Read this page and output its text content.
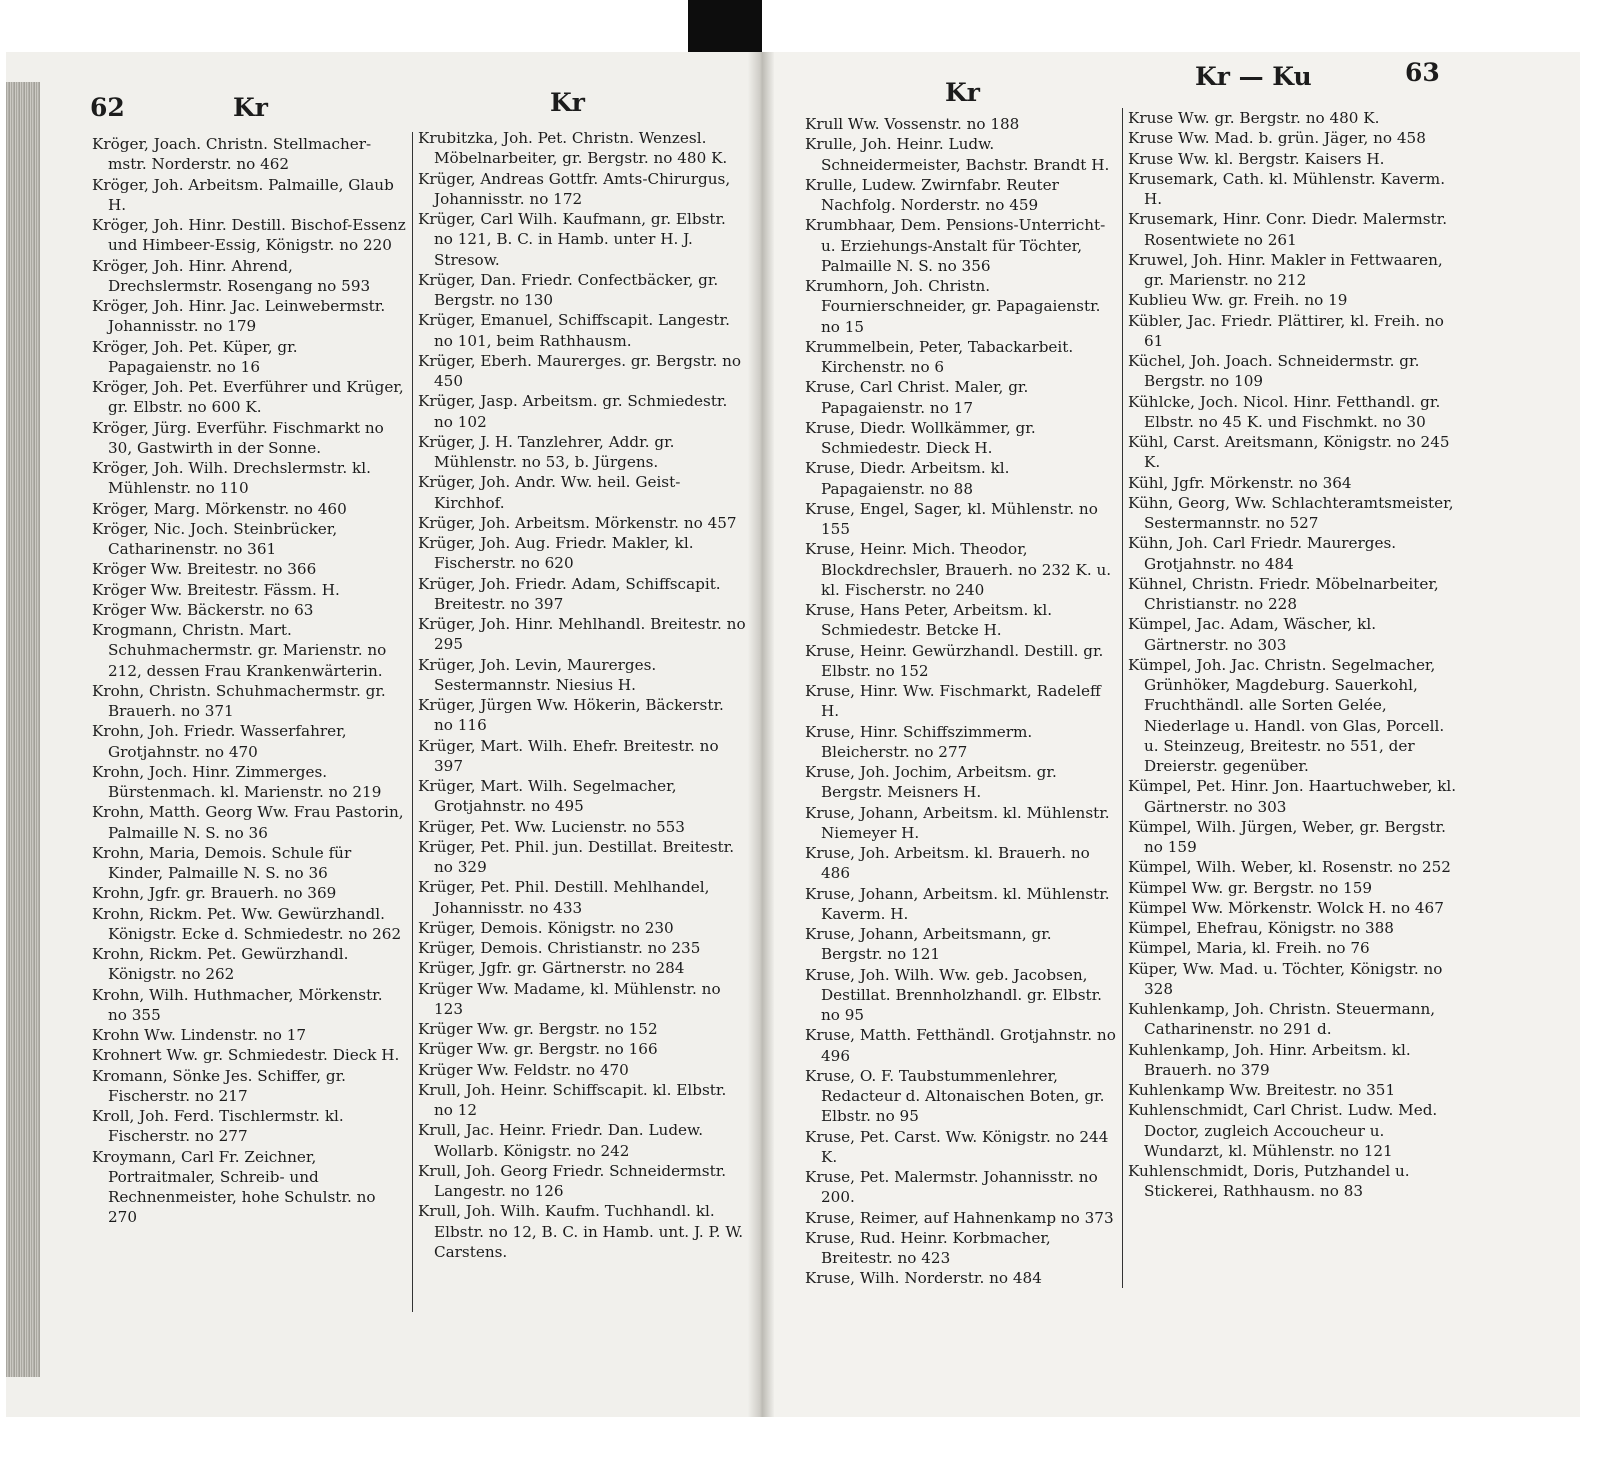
62	Kr	Kr	Kr
Kr — Ku	63
Kröger, Joach. Christn. Stellmacher-mstr. Norderstr. no 462
Kröger, Joh. Arbeitsm. Palmaille, Glaub H.
Kröger, Joh. Hinr. Destill. Bischof-Essenz und Himbeer-Essig, Königstr. no 220
Kröger, Joh. Hinr. Ahrend, Drechslermstr. Rosengang no 593
Kröger, Joh. Hinr. Jac. Leinwebermstr. Johannisstr. no 179
Kröger, Joh. Pet. Küper, gr. Papagaienstr. no 16
Kröger, Joh. Pet. Everführer und Krüger, gr. Elbstr. no 600 K.
Kröger, Jürg. Everführ. Fischmarkt no 30, Gastwirth in der Sonne.
Kröger, Joh. Wilh. Drechslermstr. kl. Mühlenstr. no 110
Kröger, Marg. Mörkenstr. no 460
Kröger, Nic. Joch. Steinbrücker, Catharinenstr. no 361
Kröger Ww. Breitestr. no 366
Kröger Ww. Breitestr. Fässm. H.
Kröger Ww. Bäckerstr. no 63
Krogmann, Christn. Mart. Schuhmachermstr. gr. Marienstr. no 212, dessen Frau Krankenwärterin.
Krohn, Christn. Schuhmachermstr. gr. Brauerh. no 371
Krohn, Joh. Friedr. Wasserfahrer, Grotjahnstr. no 470
Krohn, Joch. Hinr. Zimmerges. Bürstenmach. kl. Marienstr. no 219
Krohn, Matth. Georg Ww. Frau Pastorin, Palmaille N. S. no 36
Krohn, Maria, Demois. Schule für Kinder, Palmaille N. S. no 36
Krohn, Jgfr. gr. Brauerh. no 369
Krohn, Rickm. Pet. Ww. Gewürzhandl. Königstr. Ecke d. Schmiedestr. no 262
Krohn, Rickm. Pet. Gewürzhandl. Königstr. no 262
Krohn, Wilh. Huthmacher, Mörkenstr. no 355
Krohn Ww. Lindenstr. no 17
Krohnert Ww. gr. Schmiedestr. Dieck H.
Kromann, Sönke Jes. Schiffer, gr. Fischerstr. no 217
Kroll, Joh. Ferd. Tischlermstr. kl. Fischerstr. no 277
Kroymann, Carl Fr. Zeichner, Portraitmaler, Schreib- und Rechnenmeister, hohe Schulstr. no 270
Krubitzka, Joh. Pet. Christn. Wenzesl. Möbelnarbeiter, gr. Bergstr. no 480 K.
Krüger, Andreas Gottfr. Amts-Chirurgus, Johannisstr. no 172
Krüger, Carl Wilh. Kaufmann, gr. Elbstr. no 121, B. C. in Hamb. unter H. J. Stresow.
Krüger, Dan. Friedr. Confectbäcker, gr. Bergstr. no 130
Krüger, Emanuel, Schiffscapit. Langestr. no 101, beim Rathhausm.
Krüger, Eberh. Maurerges. gr. Bergstr. no 450
Krüger, Jasp. Arbeitsm. gr. Schmiedestr. no 102
Krüger, J. H. Tanzlehrer, Addr. gr. Mühlenstr. no 53, b. Jürgens.
Krüger, Joh. Andr. Ww. heil. Geist-Kirchhof.
Krüger, Joh. Arbeitsm. Mörkenstr. no 457
Krüger, Joh. Aug. Friedr. Makler, kl. Fischerstr. no 620
Krüger, Joh. Friedr. Adam, Schiffscapit. Breitestr. no 397
Krüger, Joh. Hinr. Mehlhandl. Breitestr. no 295
Krüger, Joh. Levin, Maurerges. Sestermannstr. Niesius H.
Krüger, Jürgen Ww. Hökerin, Bäckerstr. no 116
Krüger, Mart. Wilh. Ehefr. Breitestr. no 397
Krüger, Mart. Wilh. Segelmacher, Grotjahnstr. no 495
Krüger, Pet. Ww. Lucienstr. no 553
Krüger, Pet. Phil. jun. Destillat. Breitestr. no 329
Krüger, Pet. Phil. Destill. Mehlhandel, Johannisstr. no 433
Krüger, Demois. Königstr. no 230
Krüger, Demois. Christianstr. no 235
Krüger, Jgfr. gr. Gärtnerstr. no 284
Krüger Ww. Madame, kl. Mühlenstr. no 123
Krüger Ww. gr. Bergstr. no 152
Krüger Ww. gr. Bergstr. no 166
Krüger Ww. Feldstr. no 470
Krull, Joh. Heinr. Schiffscapit. kl. Elbstr. no 12
Krull, Jac. Heinr. Friedr. Dan. Ludew. Wollarb. Königstr. no 242
Krull, Joh. Georg Friedr. Schneidermstr. Langestr. no 126
Krull, Joh. Wilh. Kaufm. Tuchhandl. kl. Elbstr. no 12, B. C. in Hamb. unt. J. P. W. Carstens.
Krull Ww. Vossenstr. no 188
Krulle, Joh. Heinr. Ludw. Schneidermeister, Bachstr. Brandt H.
Krulle, Ludew. Zwirnfabr. Reuter Nachfolg. Norderstr. no 459
Krumbhaar, Dem. Pensions-Unterricht- u. Erziehungs-Anstalt für Töchter, Palmaille N. S. no 356
Krumhorn, Joh. Christn. Fournierschneider, gr. Papagaienstr. no 15
Krummelbein, Peter, Tabackarbeit. Kirchenstr. no 6
Kruse, Carl Christ. Maler, gr. Papagaienstr. no 17
Kruse, Diedr. Wollkämmer, gr. Schmiedestr. Dieck H.
Kruse, Diedr. Arbeitsm. kl. Papagaienstr. no 88
Kruse, Engel, Sager, kl. Mühlenstr. no 155
Kruse, Heinr. Mich. Theodor, Blockdrechsler, Brauerh. no 232 K. u. kl. Fischerstr. no 240
Kruse, Hans Peter, Arbeitsm. kl. Schmiedestr. Betcke H.
Kruse, Heinr. Gewürzhandl. Destill. gr. Elbstr. no 152
Kruse, Hinr. Ww. Fischmarkt, Radeleff H.
Kruse, Hinr. Schiffszimmerm. Bleicherstr. no 277
Kruse, Joh. Jochim, Arbeitsm. gr. Bergstr. Meisners H.
Kruse, Johann, Arbeitsm. kl. Mühlenstr. Niemeyer H.
Kruse, Joh. Arbeitsm. kl. Brauerh. no 486
Kruse, Johann, Arbeitsm. kl. Mühlenstr. Kaverm. H.
Kruse, Johann, Arbeitsmann, gr. Bergstr. no 121
Kruse, Joh. Wilh. Ww. geb. Jacobsen, Destillat. Brennholzhandl. gr. Elbstr. no 95
Kruse, Matth. Fetthändl. Grotjahnstr. no 496
Kruse, O. F. Taubstummenlehrer, Redacteur d. Altonaischen Boten, gr. Elbstr. no 95
Kruse, Pet. Carst. Ww. Königstr. no 244 K.
Kruse, Pet. Malermstr. Johannisstr. no 200.
Kruse, Reimer, auf Hahnenkamp no 373
Kruse, Rud. Heinr. Korbmacher, Breitestr. no 423
Kruse, Wilh. Norderstr. no 484
Kruse Ww. gr. Bergstr. no 480 K.
Kruse Ww. Mad. b. grün. Jäger, no 458
Kruse Ww. kl. Bergstr. Kaisers H.
Krusemark, Cath. kl. Mühlenstr. Kaverm. H.
Krusemark, Hinr. Conr. Diedr. Malermstr. Rosentwiete no 261
Kruwel, Joh. Hinr. Makler in Fettwaaren, gr. Marienstr. no 212
Kublieu Ww. gr. Freih. no 19
Kübler, Jac. Friedr. Plättirer, kl. Freih. no 61
Küchel, Joh. Joach. Schneidermstr. gr. Bergstr. no 109
Kühlcke, Joch. Nicol. Hinr. Fetthandl. gr. Elbstr. no 45 K. und Fischmkt. no 30
Kühl, Carst. Areitsmann, Königstr. no 245 K.
Kühl, Jgfr. Mörkenstr. no 364
Kühn, Georg, Ww. Schlachteramtsmeister, Sestermannstr. no 527
Kühn, Joh. Carl Friedr. Maurerges. Grotjahnstr. no 484
Kühnel, Christn. Friedr. Möbelnarbeiter, Christianstr. no 228
Kümpel, Jac. Adam, Wäscher, kl. Gärtnerstr. no 303
Kümpel, Joh. Jac. Christn. Segelmacher, Grünhöker, Magdeburg. Sauerkohl, Fruchthändl. alle Sorten Gelée, Niederlage u. Handl. von Glas, Porcell. u. Steinzeug, Breitestr. no 551, der Dreierstr. gegenüber.
Kümpel, Pet. Hinr. Jon. Haartuchweber, kl. Gärtnerstr. no 303
Kümpel, Wilh. Jürgen, Weber, gr. Bergstr. no 159
Kümpel, Wilh. Weber, kl. Rosenstr. no 252
Kümpel Ww. gr. Bergstr. no 159
Kümpel Ww. Mörkenstr. Wolck H. no 467
Kümpel, Ehefrau, Königstr. no 388
Kümpel, Maria, kl. Freih. no 76
Küper, Ww. Mad. u. Töchter, Königstr. no 328
Kuhlenkamp, Joh. Christn. Steuermann, Catharinenstr. no 291 d.
Kuhlenkamp, Joh. Hinr. Arbeitsm. kl. Brauerh. no 379
Kuhlenkamp Ww. Breitestr. no 351
Kuhlenschmidt, Carl Christ. Ludw. Med. Doctor, zugleich Accoucheur u. Wundarzt, kl. Mühlenstr. no 121
Kuhlenschmidt, Doris, Putzhandel u. Stickerei, Rathhausm. no 83
